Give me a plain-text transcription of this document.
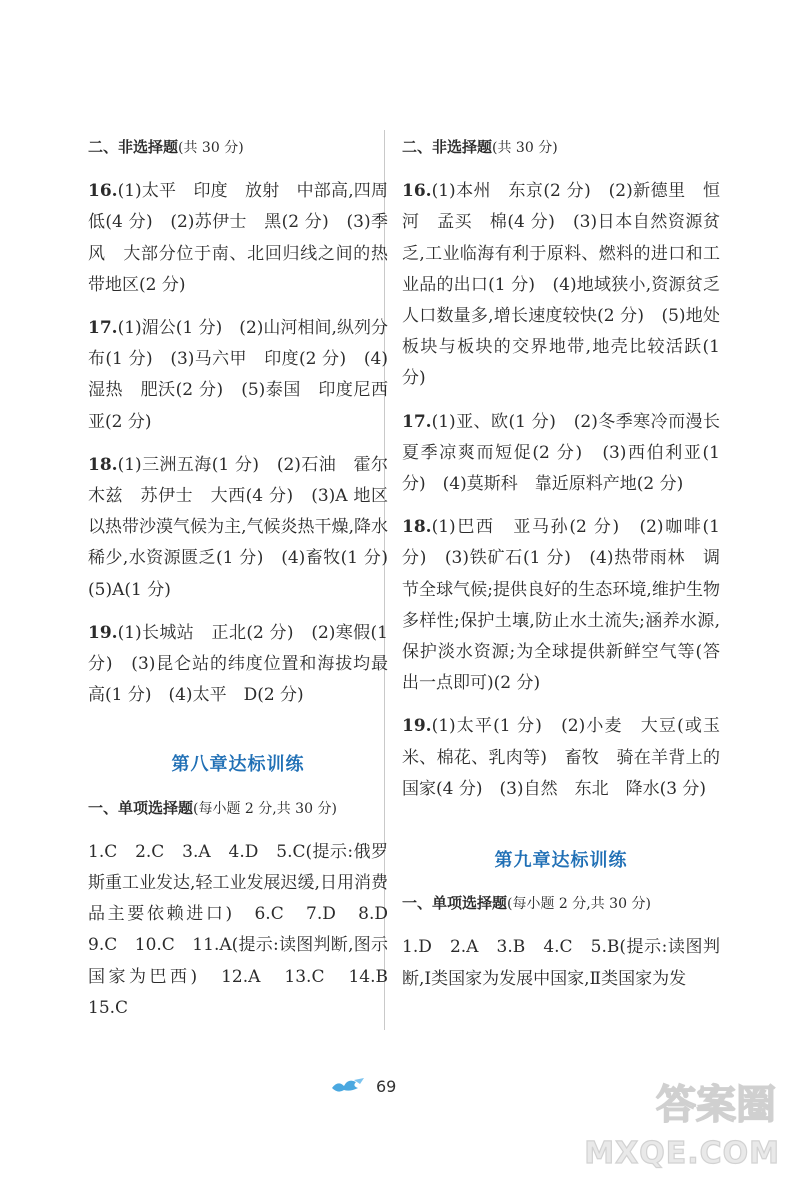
二、非选择题(共 30 分)

16.(1)太平　印度　放射　中部高,四周低(4 分)　(2)苏伊士　黑(2 分)　(3)季风　大部分位于南、北回归线之间的热带地区(2 分)

17.(1)湄公(1 分)　(2)山河相间,纵列分布(1 分)　(3)马六甲　印度(2 分)　(4)湿热　肥沃(2 分)　(5)泰国　印度尼西亚(2 分)

18.(1)三洲五海(1 分)　(2)石油　霍尔木兹　苏伊士　大西(4 分)　(3)A 地区以热带沙漠气候为主,气候炎热干燥,降水稀少,水资源匮乏(1 分)　(4)畜牧(1 分)　(5)A(1 分)

19.(1)长城站　正北(2 分)　(2)寒假(1 分)　(3)昆仑站的纬度位置和海拔均最高(1 分)　(4)太平　D(2 分)

第八章达标训练

一、单项选择题(每小题 2 分,共 30 分)

1.C　2.C　3.A　4.D　5.C(提示:俄罗斯重工业发达,轻工业发展迟缓,日用消费品主要依赖进口)　6.C　7.D　8.D　9.C　10.C　11.A(提示:读图判断,图示国家为巴西)　12.A　13.C　14.B　15.C

二、非选择题(共 30 分)

16.(1)本州　东京(2 分)　(2)新德里　恒河　孟买　棉(4 分)　(3)日本自然资源贫乏,工业临海有利于原料、燃料的进口和工业品的出口(1 分)　(4)地域狭小,资源贫乏　人口数量多,增长速度较快(2 分)　(5)地处板块与板块的交界地带,地壳比较活跃(1 分)

17.(1)亚、欧(1 分)　(2)冬季寒冷而漫长　夏季凉爽而短促(2 分)　(3)西伯利亚(1 分)　(4)莫斯科　靠近原料产地(2 分)

18.(1)巴西　亚马孙(2 分)　(2)咖啡(1 分)　(3)铁矿石(1 分)　(4)热带雨林　调节全球气候;提供良好的生态环境,维护生物多样性;保护土壤,防止水土流失;涵养水源,保护淡水资源;为全球提供新鲜空气等(答出一点即可)(2 分)

19.(1)太平(1 分)　(2)小麦　大豆(或玉米、棉花、乳肉等)　畜牧　骑在羊背上的国家(4 分)　(3)自然　东北　降水(3 分)

第九章达标训练

一、单项选择题(每小题 2 分,共 30 分)

1.D　2.A　3.B　4.C　5.B(提示:读图判断,Ⅰ类国家为发展中国家,Ⅱ类国家为发

69	答案圈
MXQE.COM
